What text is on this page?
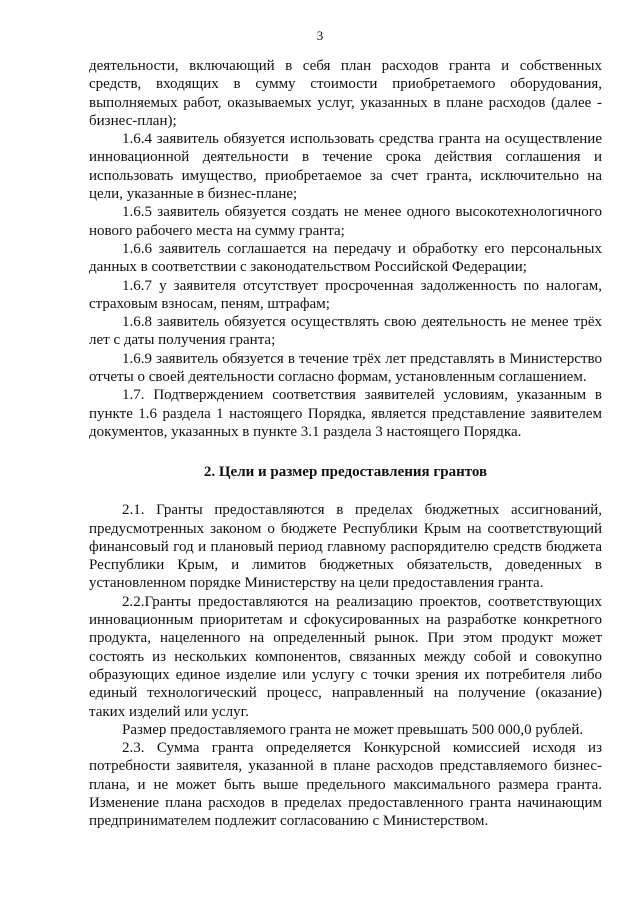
3

деятельности, включающий в себя план расходов гранта и собственных средств, входящих в сумму стоимости приобретаемого оборудования, выполняемых работ, оказываемых услуг, указанных в плане расходов (далее - бизнес-план);

1.6.4 заявитель обязуется использовать средства гранта на осуществление инновационной деятельности в течение срока действия соглашения и использовать имущество, приобретаемое за счет гранта, исключительно на цели, указанные в бизнес-плане;

1.6.5 заявитель обязуется создать не менее одного высокотехнологичного нового рабочего места на сумму гранта;

1.6.6 заявитель соглашается на передачу и обработку его персональных данных в соответствии с законодательством Российской Федерации;

1.6.7 у заявителя отсутствует просроченная задолженность по налогам, страховым взносам, пеням, штрафам;

1.6.8 заявитель обязуется осуществлять свою деятельность не менее трёх лет с даты получения гранта;

1.6.9 заявитель обязуется в течение трёх лет представлять в Министерство отчеты о своей деятельности согласно формам, установленным соглашением.

1.7. Подтверждением соответствия заявителей условиям, указанным в пункте 1.6 раздела 1 настоящего Порядка, является представление заявителем документов, указанных в пункте 3.1 раздела 3 настоящего Порядка.

2. Цели и размер предоставления грантов

2.1. Гранты предоставляются в пределах бюджетных ассигнований, предусмотренных законом о бюджете Республики Крым на соответствующий финансовый год и плановый период главному распорядителю средств бюджета Республики Крым, и лимитов бюджетных обязательств, доведенных в установленном порядке Министерству на цели предоставления гранта.

2.2.Гранты предоставляются на реализацию проектов, соответствующих инновационным приоритетам и сфокусированных на разработке конкретного продукта, нацеленного на определенный рынок. При этом продукт может состоять из нескольких компонентов, связанных между собой и совокупно образующих единое изделие или услугу с точки зрения их потребителя либо единый технологический процесс, направленный на получение (оказание) таких изделий или услуг.

Размер предоставляемого гранта не может превышать 500 000,0 рублей.

2.3. Сумма гранта определяется Конкурсной комиссией исходя из потребности заявителя, указанной в плане расходов представляемого бизнес-плана, и не может быть выше предельного максимального размера гранта. Изменение плана расходов в пределах предоставленного гранта начинающим предпринимателем подлежит согласованию с Министерством.
